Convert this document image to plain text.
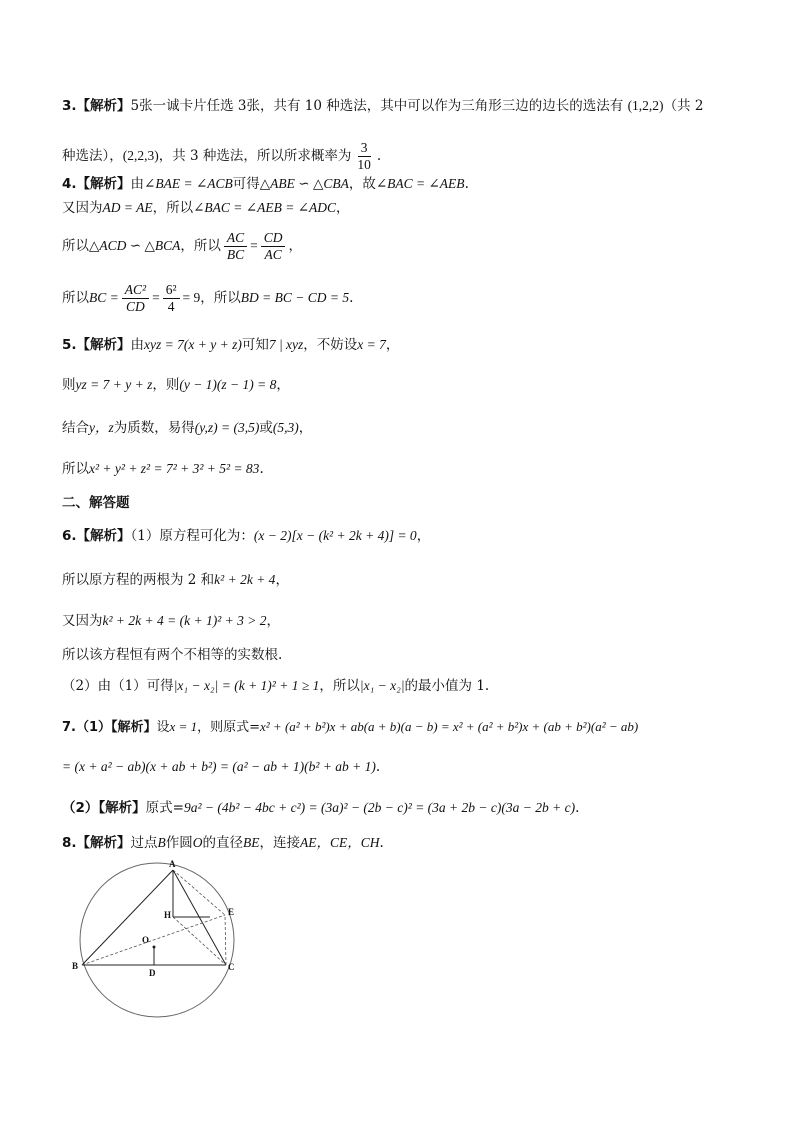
3.【解析】5张一诚卡片任选 3张，共有 10 种选法，其中可以作为三角形三边的边长的选法有 (1,2,2)（共 2
种选法），(2,2,3)，共 3 种选法，所以所求概率为 $\frac{3}{10}$ .
4.【解析】由∠BAE = ∠ACB可得△ABE ∽ △CBA，故∠BAC = ∠AEB.
又因为AD = AE，所以∠BAC = ∠AEB = ∠ADC，
所以△ACD ∽ △BCA，所以 $\frac{AC}{BC} = \frac{CD}{AC}$ ，
所以BC = $\frac{\text{AC²}}{CD} = \frac{\text{6²}}{4} = 9$，所以BD = BC − CD = 5.
5.【解析】由xyz = 7(x + y + z)可知7 | xyz，不妨设x = 7，
则yz = 7 + y + z，则(y − 1)(z − 1) = 8，
结合y，z为质数，易得(y,z) = (3,5)或(5,3)，
所以x² + y² + z² = 7² + 3² + 5² = 83.
二、解答题
6.【解析】（1）原方程可化为：(x − 2)[x − (k² + 2k + 4)] = 0，
所以原方程的两根为 2 和k² + 2k + 4，
又因为k² + 2k + 4 = (k + 1)² + 3 > 2，
所以该方程恒有两个不相等的实数根.
（2）由（1）可得|x₁ − x₂| = (k + 1)² + 1 ≥ 1，所以|x₁ − x₂|的最小值为 1.
7.（1）【解析】设x = 1，则原式=x² + (a² + b²)x + ab(a + b)(a − b) = x² + (a² + b²)x + (ab + b²)(a² − ab)
= (x + a² − ab)(x + ab + b²) = (a² − ab + 1)(b² + ab + 1).
（2）【解析】原式=9a² − (4b² − 4bc + c²) = (3a)² − (2b − c)² = (3a + 2b − c)(3a − 2b + c).
8.【解析】过点B作圆O的直径BE，连接AE，CE，CH.
A
B	C
D
E
H
O
